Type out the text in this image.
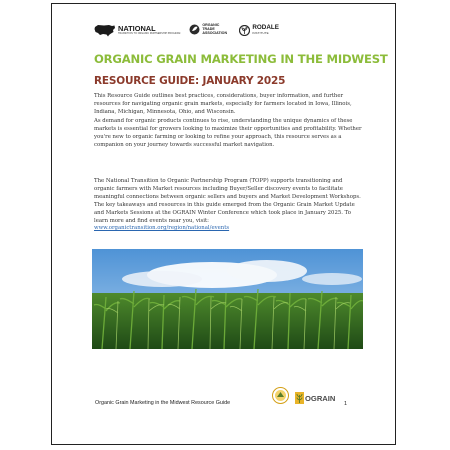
NATIONAL
TRANSITION TO ORGANIC PARTNERSHIP PROGRAM
ORGANIC TRADE ASSOCIATION
RODALE
INSTITUTE
ORGANIC GRAIN MARKETING IN THE MIDWEST
RESOURCE GUIDE: JANUARY 2025

This Resource Guide outlines best practices, considerations, buyer information, and further resources for navigating organic grain markets, especially for farmers located in Iowa, Illinois, Indiana, Michigan, Minnesota, Ohio, and Wisconsin.

As demand for organic products continues to rise, understanding the unique dynamics of these markets is essential for growers looking to maximize their opportunities and profitability. Whether you're new to organic farming or looking to refine your approach, this resource serves as a companion on your journey towards successful market navigation.

The National Transition to Organic Partnership Program (TOPP) supports transitioning and organic farmers with Market resources including Buyer/Seller discovery events to facilitate meaningful connections between organic sellers and buyers and Market Development Workshops. The key takeaways and resources in this guide emerged from the Organic Grain Market Update and Markets Sessions at the OGRAIN Winter Conference which took place in January 2025. To learn more and find events near you, visit:
www.organictransition.org/region/national/events

Organic Grain Marketing in the Midwest Resource Guide
OGRAIN
1
